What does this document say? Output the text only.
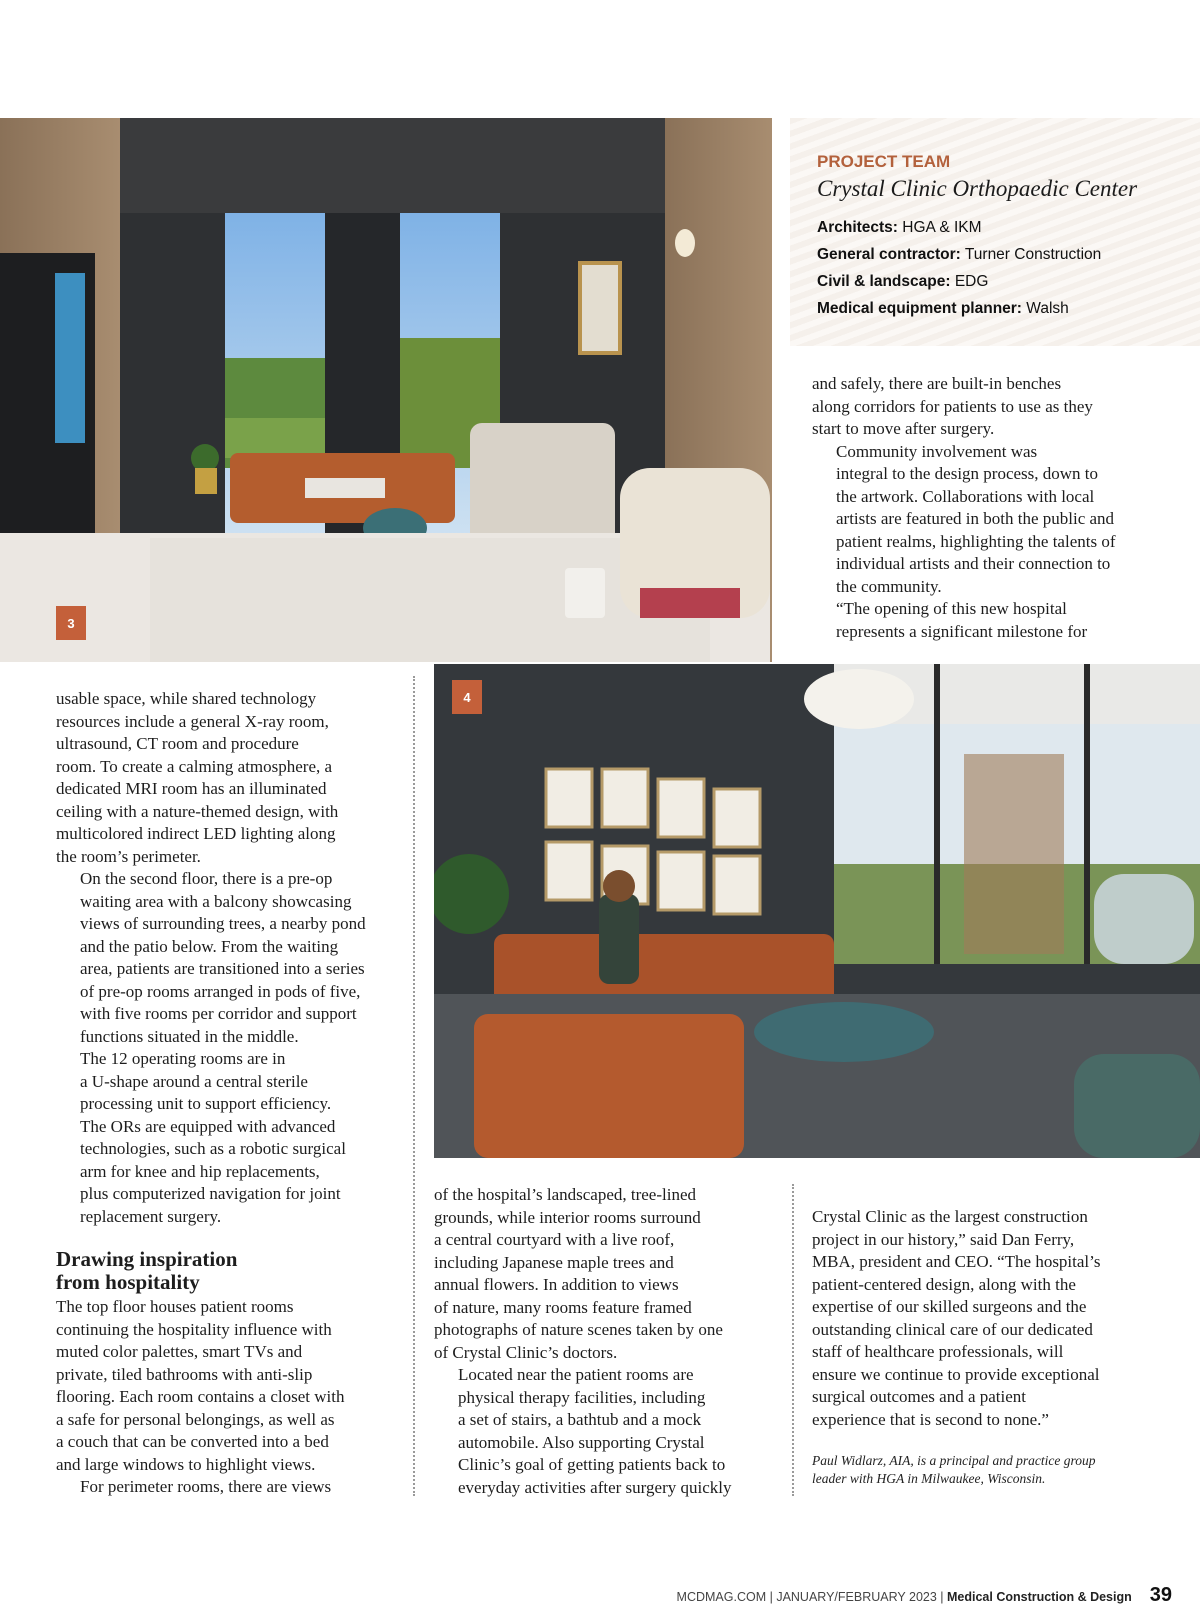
3
PROJECT TEAM
Crystal Clinic Orthopaedic Center
Architects: HGA & IKM
General contractor: Turner Construction
Civil & landscape: EDG
Medical equipment planner: Walsh

and safely, there are built-in benches
along corridors for patients to use as they
start to move after surgery.

Community involvement was
integral to the design process, down to
the artwork. Collaborations with local
artists are featured in both the public and
patient realms, highlighting the talents of
individual artists and their connection to
the community.

“The opening of this new hospital
represents a significant milestone for

usable space, while shared technology
resources include a general X-ray room,
ultrasound, CT room and procedure
room. To create a calming atmosphere, a
dedicated MRI room has an illuminated
ceiling with a nature-themed design, with
multicolored indirect LED lighting along
the room’s perimeter.

On the second floor, there is a pre-op
waiting area with a balcony showcasing
views of surrounding trees, a nearby pond
and the patio below. From the waiting
area, patients are transitioned into a series
of pre-op rooms arranged in pods of five,
with five rooms per corridor and support
functions situated in the middle.

The 12 operating rooms are in
a U-shape around a central sterile
processing unit to support efficiency.
The ORs are equipped with advanced
technologies, such as a robotic surgical
arm for knee and hip replacements,
plus computerized navigation for joint
replacement surgery.

Drawing inspiration
from hospitality

The top floor houses patient rooms
continuing the hospitality influence with
muted color palettes, smart TVs and
private, tiled bathrooms with anti-slip
flooring. Each room contains a closet with
a safe for personal belongings, as well as
a couch that can be converted into a bed
and large windows to highlight views.

For perimeter rooms, there are views

4

of the hospital’s landscaped, tree-lined
grounds, while interior rooms surround
a central courtyard with a live roof,
including Japanese maple trees and
annual flowers. In addition to views
of nature, many rooms feature framed
photographs of nature scenes taken by one
of Crystal Clinic’s doctors.

Located near the patient rooms are
physical therapy facilities, including
a set of stairs, a bathtub and a mock
automobile. Also supporting Crystal
Clinic’s goal of getting patients back to
everyday activities after surgery quickly

Crystal Clinic as the largest construction
project in our history,” said Dan Ferry,
MBA, president and CEO. “The hospital’s
patient-centered design, along with the
expertise of our skilled surgeons and the
outstanding clinical care of our dedicated
staff of healthcare professionals, will
ensure we continue to provide exceptional
surgical outcomes and a patient
experience that is second to none.”

Paul Widlarz, AIA, is a principal and practice group
leader with HGA in Milwaukee, Wisconsin.
MCDMAG.COM | JANUARY/FEBRUARY 2023 | Medical Construction & Design 39
